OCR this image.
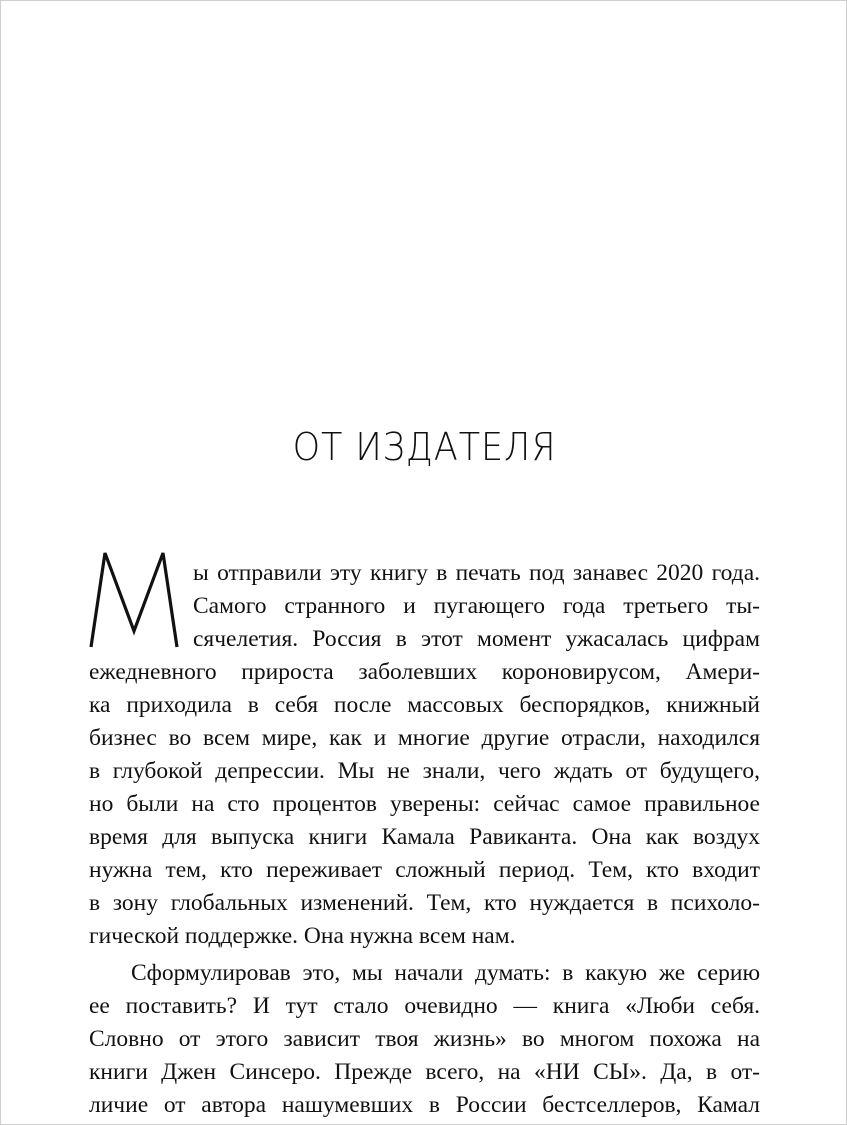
ОТ ИЗДАТЕЛЯ
ы отправили эту книгу в печать под занавес 2020 года.
Самого странного и пугающего года третьего ты-
сячелетия. Россия в этот момент ужасалась цифрам
ежедневного прироста заболевших короновирусом, Амери-
ка приходила в себя после массовых беспорядков, книжный
бизнес во всем мире, как и многие другие отрасли, находился
в глубокой депрессии. Мы не знали, чего ждать от будущего,
но были на сто процентов уверены: сейчас самое правильное
время для выпуска книги Камала Равиканта. Она как воздух
нужна тем, кто переживает сложный период. Тем, кто входит
в зону глобальных изменений. Тем, кто нуждается в психоло-
гической поддержке. Она нужна всем нам.
Сформулировав это, мы начали думать: в какую же серию
ее поставить? И тут стало очевидно — книга «Люби себя.
Словно от этого зависит твоя жизнь» во многом похожа на
книги Джен Синсеро. Прежде всего, на «НИ СЫ». Да, в от-
личие от автора нашумевших в России бестселлеров, Камал
